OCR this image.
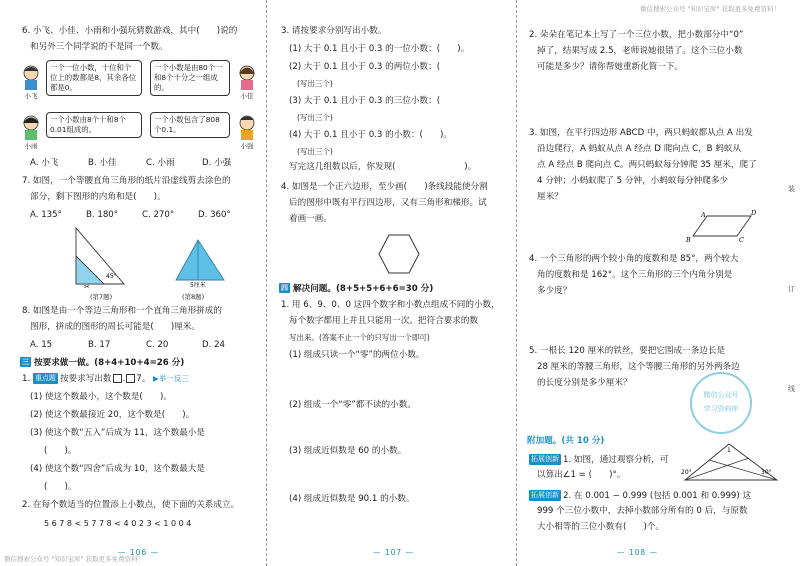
6. 小飞、小佳、小雨和小强玩猜数游戏，其中(　　)说的
和另外三个同学说的不是同一个数。
小飞
一个一位小数，十位和个位上的数都是8，其余各位都是0。
一个小数是由80个一和8个十分之一组成的。
小佳
小雨
一个小数由8个十和8个0.01组成的。
一个小数包含了808个0.1。
小强
A. 小飞	B. 小佳	C. 小雨	D. 小强
7. 如图，一个等腰直角三角形的纸片沿虚线剪去涂色的
部分，剩下图形的内角和是(　　)。
A. 135°	B. 180°	C. 270°	D. 360°
45°
✂	5厘米
(第7题)	(第8题)
8. 如图是由一个等边三角形和一个直角三角形拼成的
图形，拼成的图形的周长可能是(　　)厘米。
A. 15	B. 17	C. 20	D. 24
三 按要求做一做。(8+4+10+4=26 分)
1. 重点题 按要求写出数 . 7。 ▶举一反三
(1) 使这个数最小，这个数是(　　)。
(2) 使这个数最接近 20，这个数是(　　)。
(3) 使这个数“五入”后成为 11，这个数最小是
(　　)。
(4) 使这个数“四舍”后成为 10，这个数最大是
(　　)。
2. 在每个数适当的位置添上小数点，使下面的关系成立。
5 6 7 8 < 5 7 7 8 < 4 0 2 3 < 1 0 0 4
— 106 —
微信搜索公众号 "知识宝库" 获取更多免费资料！
3. 请按要求分别写出小数。
(1) 大于 0.1 且小于 0.3 的一位小数：(　　)。
(2) 大于 0.1 且小于 0.3 的两位小数：(
(写出三个)
(3) 大于 0.1 且小于 0.3 的三位小数：(
(写出三个)
(4) 大于 0.1 且小于 0.3 的小数：(　　)。
(写出三个)
写完这几组数以后，你发现(　　　　　　　　)。
4. 如图是一个正六边形，至少画(　　)条线段能使分割
后的图形中既有平行四边形，又有三角形和梯形。试
着画一画。
四 解决问题。(8+5+5+6+6=30 分)
1. 用 6、9、0、0 这四个数字和小数点组成不同的小数，
每个数字都用上并且只能用一次。把符合要求的数
写出来。(答案不止一个的只写出一个即可)
(1) 组成只读一个“零”的两位小数。
(2) 组成一个“零”都不读的小数。
(3) 组成近似数是 60 的小数。
(4) 组成近似数是 90.1 的小数。
— 107 —
2. 朵朵在笔记本上写了一个三位小数，把小数部分中“0”
掉了，结果写成 2.5，老师说她很错了。这个三位小数
可能是多少？请你帮她重新化简一下。
3. 如图，在平行四边形 ABCD 中，两只蚂蚁都从点 A 出发
沿边爬行，A 蚂蚁从点 A 经点 D 爬向点 C，B 蚂蚁从
点 A 经点 B 爬向点 C。两只蚂蚁每分钟爬 35 厘米，爬了
4 分钟；小蚂蚁爬了 5 分钟，小蚂蚁每分钟爬多少
厘米？
A	D
B	C
4. 一个三角形的两个较小角的度数和是 85°，两个较大
角的度数和是 162°。这个三角形的三个内角分别是
多少度？
5. 一根长 120 厘米的铁丝，要把它围成一条边长是
28 厘米的等腰三角形，这个等腰三角形的另外两条边
的长度分别是多少厘米？
附加题。(共 10 分)
拓展创新 1. 如图，通过观察分析，可
以算出∠1 = (　　)°。	20°	30°
1
拓展创新 2. 在 0.001 − 0.999 (包括 0.001 和 0.999) 这
999 个三位小数中，去掉小数部分所有的 0 后，与原数
大小相等的三位小数有(　　)个。
— 108 —
微信公众号
学习资料库
微信搜索公众号 "知识宝库" 获取更多免费资料！
装
订
线
